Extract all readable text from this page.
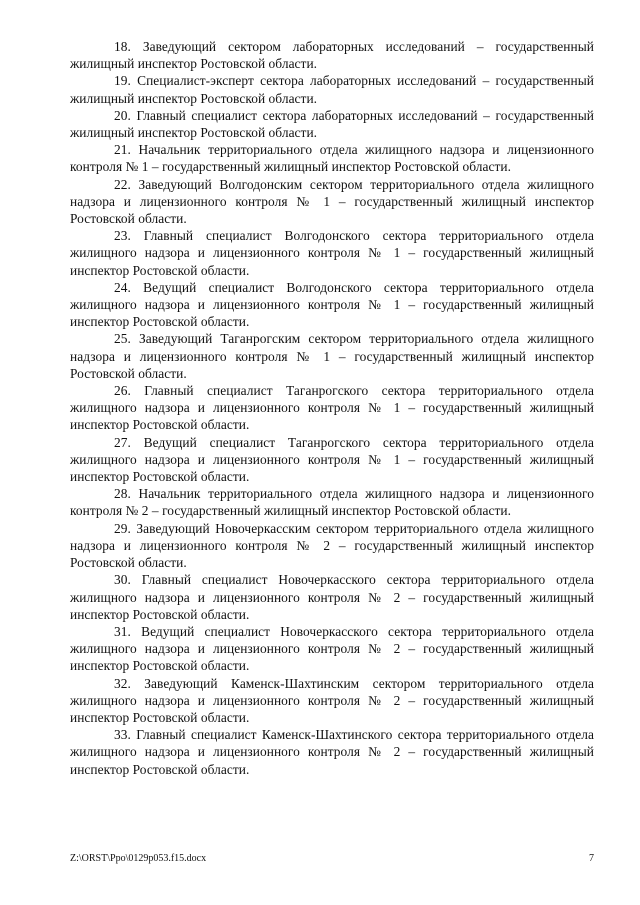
18. Заведующий сектором лабораторных исследований – государственный жилищный инспектор Ростовской области.

19. Специалист-эксперт сектора лабораторных исследований – государственный жилищный инспектор Ростовской области.

20. Главный специалист сектора лабораторных исследований – государственный жилищный инспектор Ростовской области.

21. Начальник территориального отдела жилищного надзора и лицензионного контроля № 1 – государственный жилищный инспектор Ростовской области.

22. Заведующий Волгодонским сектором территориального отдела жилищного надзора и лицензионного контроля № 1 – государственный жилищный инспектор Ростовской области.

23. Главный специалист Волгодонского сектора территориального отдела жилищного надзора и лицензионного контроля № 1 – государственный жилищный инспектор Ростовской области.

24. Ведущий специалист Волгодонского сектора территориального отдела жилищного надзора и лицензионного контроля № 1 – государственный жилищный инспектор Ростовской области.

25. Заведующий Таганрогским сектором территориального отдела жилищного надзора и лицензионного контроля № 1 – государственный жилищный инспектор Ростовской области.

26. Главный специалист Таганрогского сектора территориального отдела жилищного надзора и лицензионного контроля № 1 – государственный жилищный инспектор Ростовской области.

27. Ведущий специалист Таганрогского сектора территориального отдела жилищного надзора и лицензионного контроля № 1 – государственный жилищный инспектор Ростовской области.

28. Начальник территориального отдела жилищного надзора и лицензионного контроля № 2 – государственный жилищный инспектор Ростовской области.

29. Заведующий Новочеркасским сектором территориального отдела жилищного надзора и лицензионного контроля № 2 – государственный жилищный инспектор Ростовской области.

30. Главный специалист Новочеркасского сектора территориального отдела жилищного надзора и лицензионного контроля № 2 – государственный жилищный инспектор Ростовской области.

31. Ведущий специалист Новочеркасского сектора территориального отдела жилищного надзора и лицензионного контроля № 2 – государственный жилищный инспектор Ростовской области.

32. Заведующий Каменск-Шахтинским сектором территориального отдела жилищного надзора и лицензионного контроля № 2 – государственный жилищный инспектор Ростовской области.

33. Главный специалист Каменск-Шахтинского сектора территориального отдела жилищного надзора и лицензионного контроля № 2 – государственный жилищный инспектор Ростовской области.

Z:\ORST\Ppo\0129p053.f15.docx	7
